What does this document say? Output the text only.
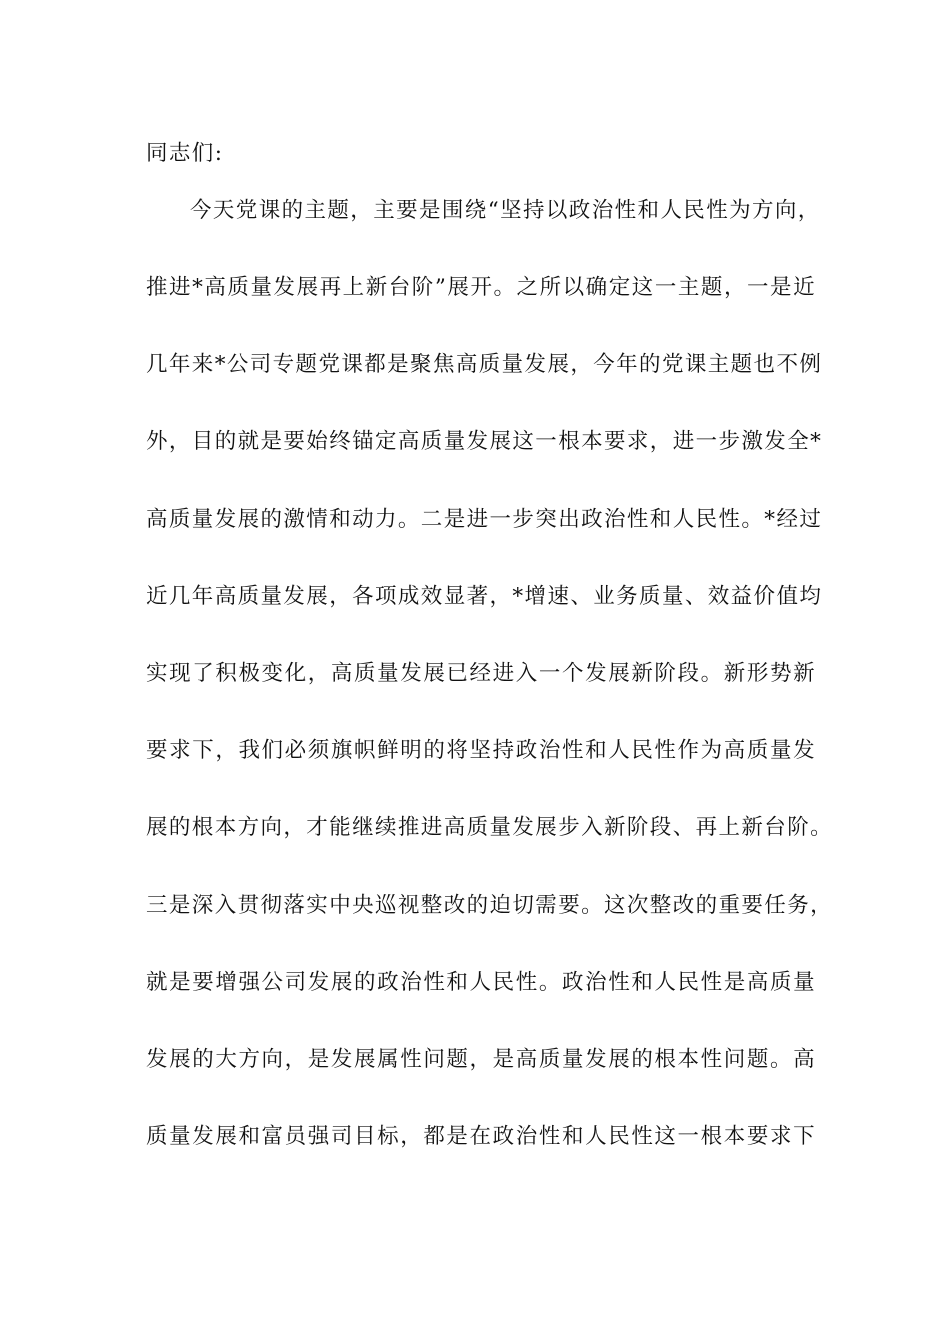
同志们:
今天党课的主题，主要是围绕“坚持以政治性和人民性为方向，
推进*高质量发展再上新台阶”展开。之所以确定这一主题，一是近
几年来*公司专题党课都是聚焦高质量发展，今年的党课主题也不例
外，目的就是要始终锚定高质量发展这一根本要求，进一步激发全*
高质量发展的激情和动力。二是进一步突出政治性和人民性。*经过
近几年高质量发展，各项成效显著，*增速、业务质量、效益价值均
实现了积极变化，高质量发展已经进入一个发展新阶段。新形势新
要求下，我们必须旗帜鲜明的将坚持政治性和人民性作为高质量发
展的根本方向，才能继续推进高质量发展步入新阶段、再上新台阶。
三是深入贯彻落实中央巡视整改的迫切需要。这次整改的重要任务，
就是要增强公司发展的政治性和人民性。政治性和人民性是高质量
发展的大方向，是发展属性问题，是高质量发展的根本性问题。高
质量发展和富员强司目标，都是在政治性和人民性这一根本要求下
